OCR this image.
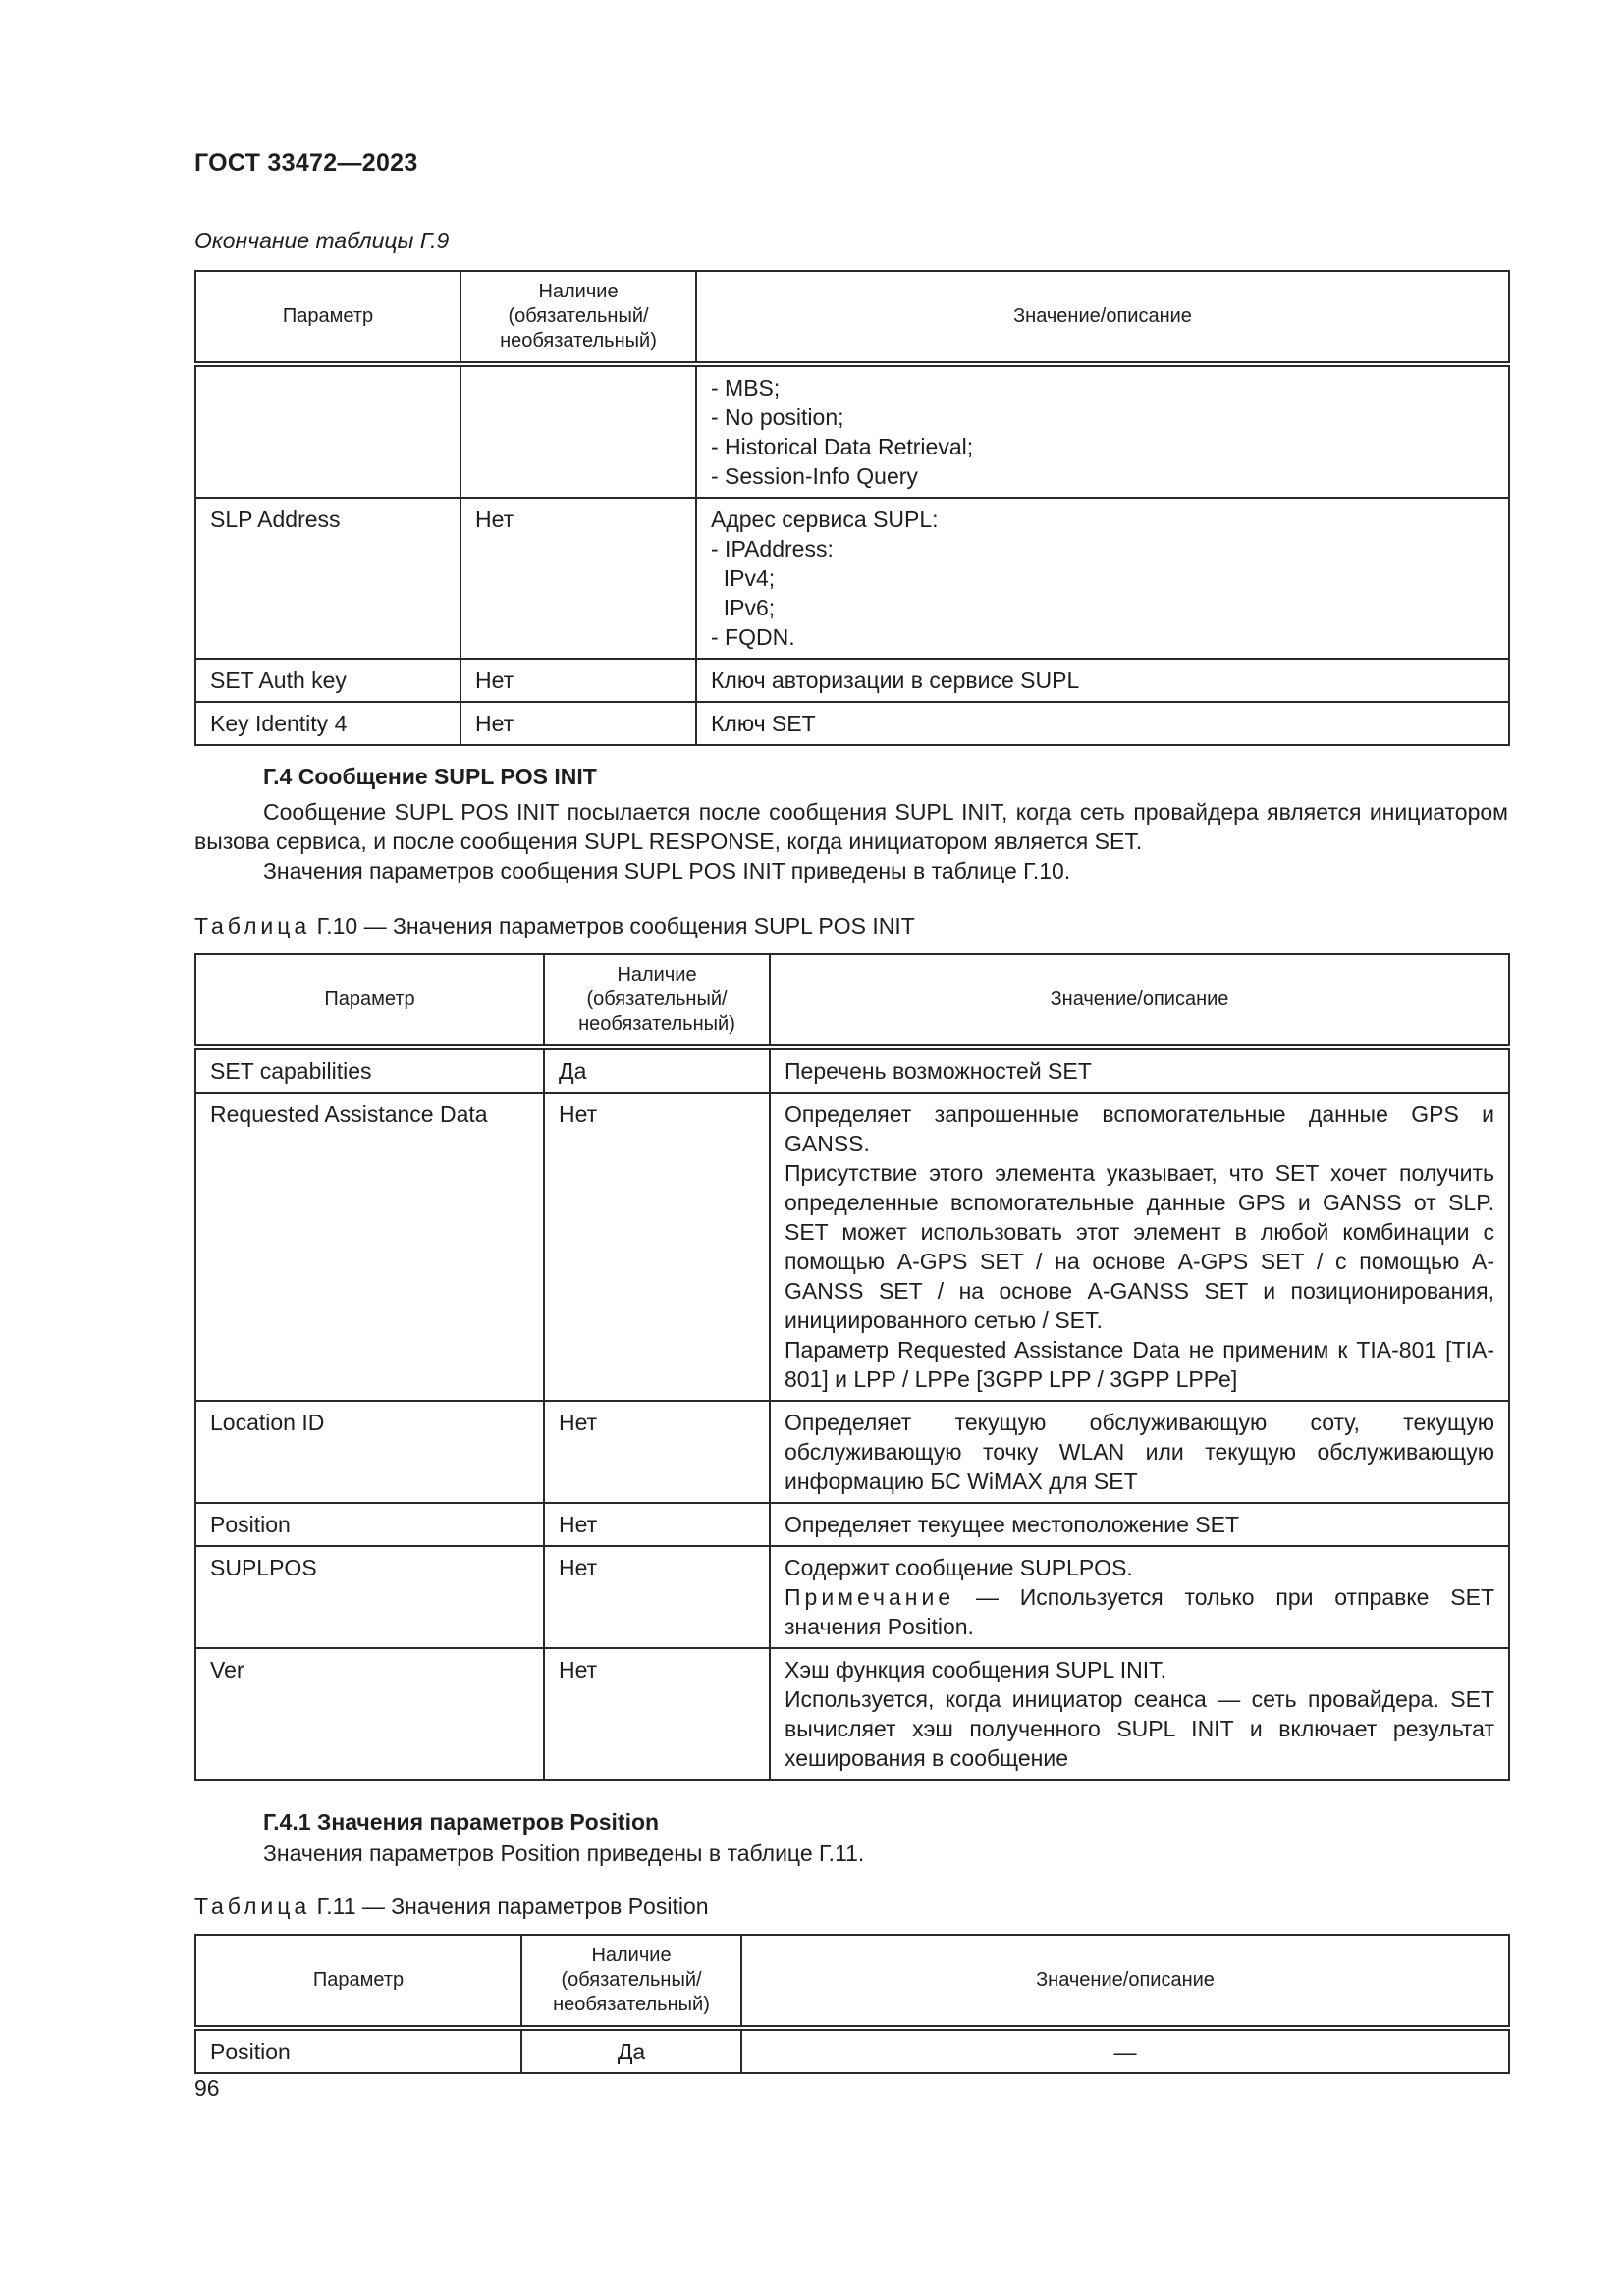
ГОСТ 33472—2023
Окончание таблицы Г.9
Параметр	Наличие
(обязательный/
необязательный)	Значение/описание

		- MBS;
- No position;
- Historical Data Retrieval;
- Session-Info Query

SLP Address	Нет	Адрес сервиса SUPL:
- IPAddress:
IPv4;
IPv6;
- FQDN.

SET Auth key	Нет	Ключ авторизации в сервисе SUPL
Key Identity 4	Нет	Ключ SET
Г.4 Сообщение SUPL POS INIT

Сообщение SUPL POS INIT посылается после сообщения SUPL INIT, когда сеть провайдера является инициатором вызова сервиса, и после сообщения SUPL RESPONSE, когда инициатором является SET.

Значения параметров сообщения SUPL POS INIT приведены в таблице Г.10.

Таблица Г.10 — Значения параметров сообщения SUPL POS INIT
Параметр	Наличие
(обязательный/
необязательный)	Значение/описание
SET capabilities	Да	Перечень возможностей SET
Requested Assistance Data	Нет	Определяет запрошенные вспомогательные данные GPS и GANSS.
Присутствие этого элемента указывает, что SET хочет получить определенные вспомогательные данные GPS и GANSS от SLP. SET может использовать этот элемент в любой комбинации с помощью A-GPS SET / на основе A-GPS SET / с помощью A-GANSS SET / на основе A-GANSS SET и позиционирования, инициированного сетью / SET.
Параметр Requested Assistance Data не применим к TIA-801 [TIA-801] и LPP / LPPe [3GPP LPP / 3GPP LPPe]

Location ID	Нет	Определяет текущую обслуживающую соту, текущую обслуживающую точку WLAN или текущую обслуживающую информацию БС WiMAX для SET
Position	Нет	Определяет текущее местоположение SET
SUPLPOS	Нет	Содержит сообщение SUPLPOS.
Примечание — Используется только при отправке SET значения Position.

Ver	Нет	Хэш функция сообщения SUPL INIT.
Используется, когда инициатор сеанса — сеть провайдера. SET вычисляет хэш полученного SUPL INIT и включает результат хеширования в сообщение
Г.4.1 Значения параметров Position

Значения параметров Position приведены в таблице Г.11.

Таблица Г.11 — Значения параметров Position
Параметр	Наличие
(обязательный/
необязательный)	Значение/описание
Position	Да	—
96
